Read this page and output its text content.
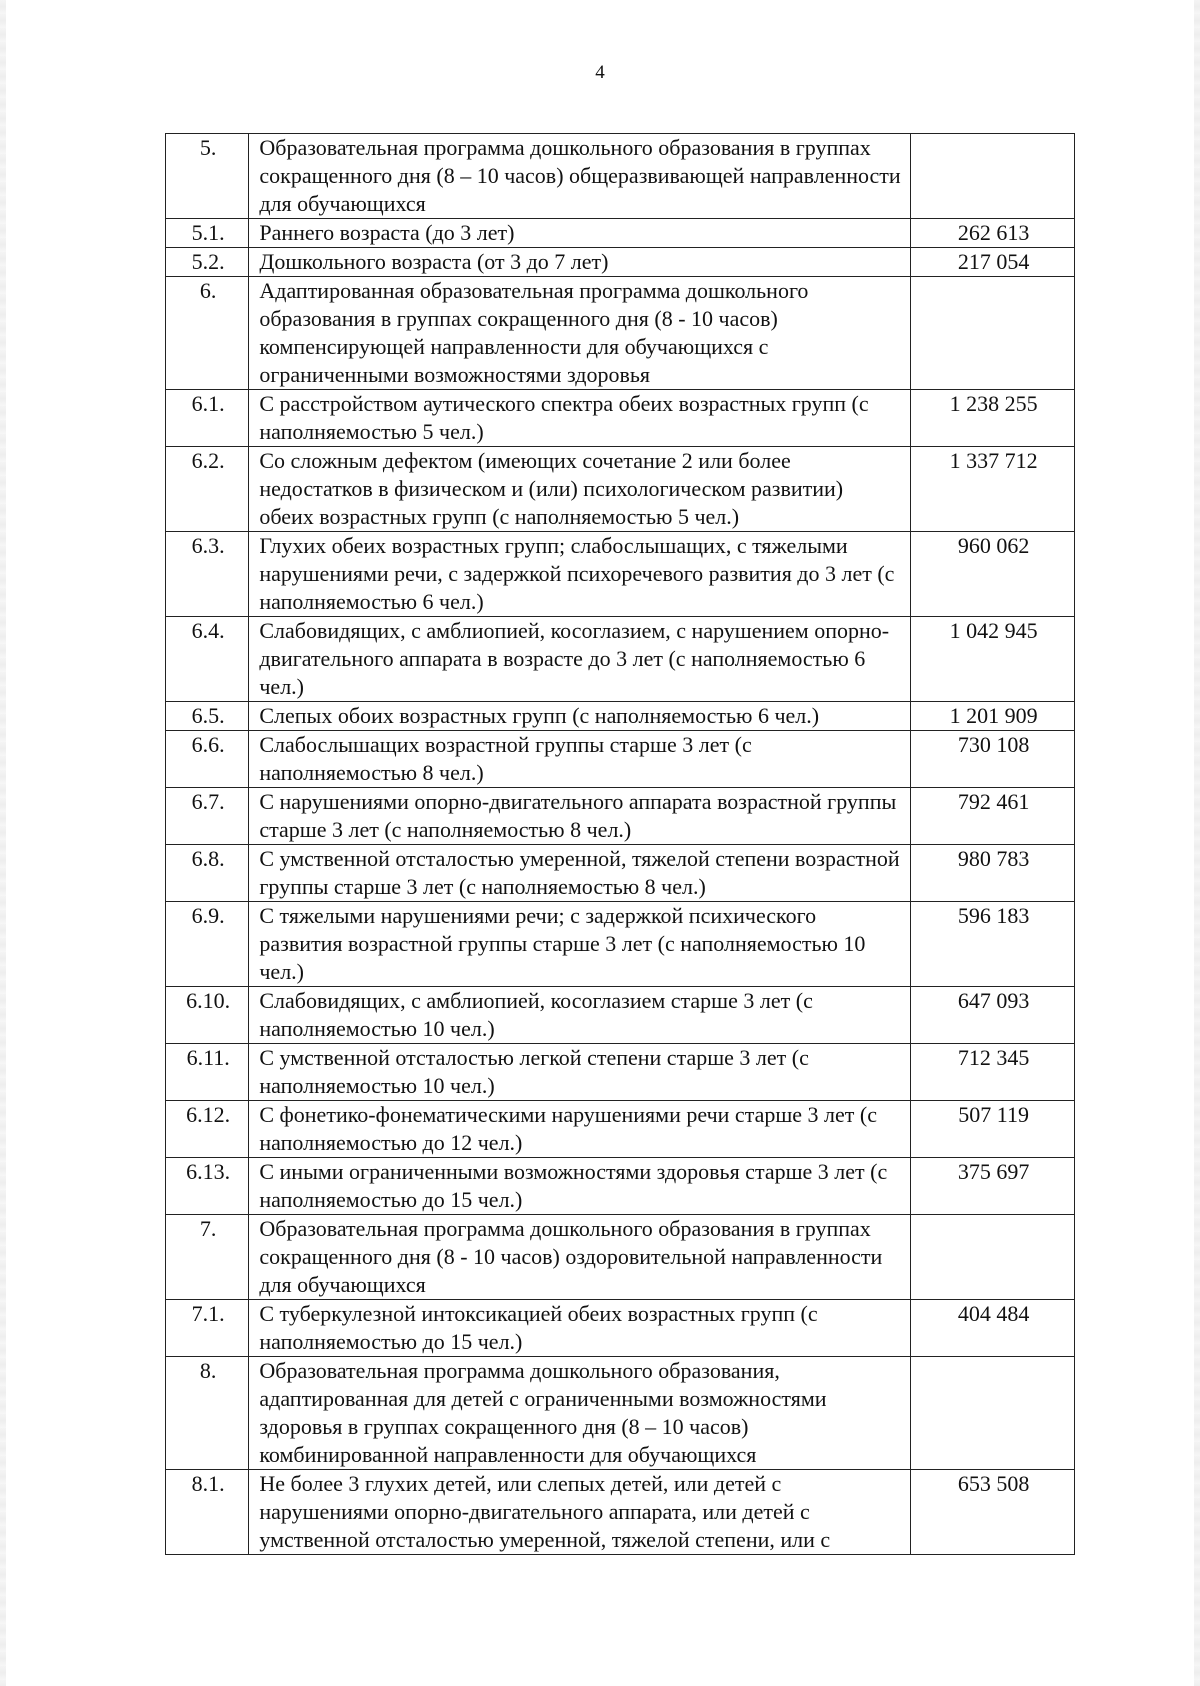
4
5.	Образовательная программа дошкольного образования в группах сокращенного дня (8 – 10 часов) общеразвивающей направленности для обучающихся	
5.1.	Раннего возраста (до 3 лет)	262 613
5.2.	Дошкольного возраста (от 3 до 7 лет)	217 054
6.	Адаптированная образовательная программа дошкольного образования в группах сокращенного дня (8 - 10 часов) компенсирующей направленности для обучающихся с ограниченными возможностями здоровья	
6.1.	С расстройством аутического спектра обеих возрастных групп (с наполняемостью 5 чел.)	1 238 255
6.2.	Со сложным дефектом (имеющих сочетание 2 или более недостатков в физическом и (или) психологическом развитии) обеих возрастных групп (с наполняемостью 5 чел.)	1 337 712
6.3.	Глухих обеих возрастных групп; слабослышащих, с тяжелыми нарушениями речи, с задержкой психоречевого развития до 3 лет (с наполняемостью 6 чел.)	960 062
6.4.	Слабовидящих, с амблиопией, косоглазием, с нарушением опорно-двигательного аппарата в возрасте до 3 лет (с наполняемостью 6 чел.)	1 042 945
6.5.	Слепых обоих возрастных групп (с наполняемостью 6 чел.)	1 201 909
6.6.	Слабослышащих возрастной группы старше 3 лет (с наполняемостью 8 чел.)	730 108
6.7.	С нарушениями опорно-двигательного аппарата возрастной группы старше 3 лет (с наполняемостью 8 чел.)	792 461
6.8.	С умственной отсталостью умеренной, тяжелой степени возрастной группы старше 3 лет (с наполняемостью 8 чел.)	980 783
6.9.	С тяжелыми нарушениями речи; с задержкой психического развития возрастной группы старше 3 лет (с наполняемостью 10 чел.)	596 183
6.10.	Слабовидящих, с амблиопией, косоглазием старше 3 лет (с наполняемостью 10 чел.)	647 093
6.11.	С умственной отсталостью легкой степени старше 3 лет (с наполняемостью 10 чел.)	712 345
6.12.	С фонетико-фонематическими нарушениями речи старше 3 лет (с наполняемостью до 12 чел.)	507 119
6.13.	С иными ограниченными возможностями здоровья старше 3 лет (с наполняемостью до 15 чел.)	375 697
7.	Образовательная программа дошкольного образования в группах сокращенного дня (8 - 10 часов) оздоровительной направленности для обучающихся	
7.1.	С туберкулезной интоксикацией обеих возрастных групп (с наполняемостью до 15 чел.)	404 484
8.	Образовательная программа дошкольного образования, адаптированная для детей с ограниченными возможностями здоровья в группах сокращенного дня (8 – 10 часов) комбинированной направленности для обучающихся	
8.1.	Не более 3 глухих детей, или слепых детей, или детей с нарушениями опорно-двигательного аппарата, или детей с умственной отсталостью умеренной, тяжелой степени, или с	653 508
